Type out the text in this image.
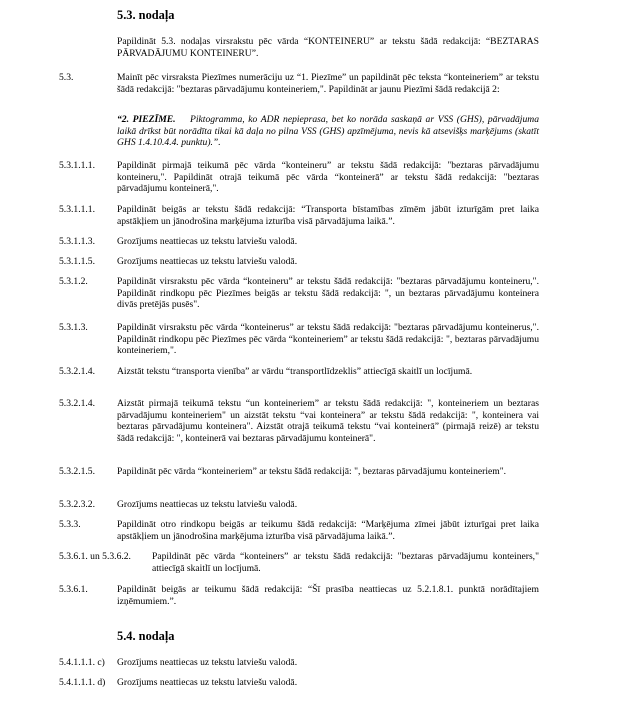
5.3. nodaļa

Papildināt 5.3. nodaļas virsrakstu pēc vārda “KONTEINERU” ar tekstu šādā redakcijā: “BEZTARAS PĀRVADĀJUMU KONTEINERU”.

5.3.	Mainīt pēc virsraksta Piezīmes numerāciju uz “1. Piezīme” un papildināt pēc teksta “konteineriem” ar tekstu šādā redakcijā: "beztaras pārvadājumu konteineriem,". Papildināt ar jaunu Piezīmi šādā redakcijā 2:

“2. PIEZĪME. Piktogramma, ko ADR nepieprasa, bet ko norāda saskaņā ar VSS (GHS), pārvadājuma laikā drīkst būt norādīta tikai kā daļa no pilna VSS (GHS) apzīmējuma, nevis kā atsevišķs marķējums (skatīt GHS 1.4.10.4.4. punktu).”.

5.3.1.1.1. Papildināt pirmajā teikumā pēc vārda “konteineru” ar tekstu šādā redakcijā: "beztaras pārvadājumu konteineru,". Papildināt otrajā teikumā pēc vārda “konteinerā” ar tekstu šādā redakcijā: "beztaras pārvadājumu konteinerā,".

5.3.1.1.1. Papildināt beigās ar tekstu šādā redakcijā: “Transporta bīstamības zīmēm jābūt izturīgām pret laika apstākļiem un jānodrošina marķējuma izturība visā pārvadājuma laikā.”.

5.3.1.1.3. Grozījums neattiecas uz tekstu latviešu valodā.

5.3.1.1.5. Grozījums neattiecas uz tekstu latviešu valodā.

5.3.1.2.	Papildināt virsrakstu pēc vārda “konteineru” ar tekstu šādā redakcijā: "beztaras pārvadājumu konteineru,". Papildināt rindkopu pēc Piezīmes beigās ar tekstu šādā redakcijā: ", un beztaras pārvadājumu konteinera divās pretējās pusēs".

5.3.1.3.	Papildināt virsrakstu pēc vārda “konteinerus” ar tekstu šādā redakcijā: "beztaras pārvadājumu konteinerus,". Papildināt rindkopu pēc Piezīmes pēc vārda “konteineriem” ar tekstu šādā redakcijā: ", beztaras pārvadājumu konteineriem,".

5.3.2.1.4. Aizstāt tekstu “transporta vienība” ar vārdu “transportlīdzeklis” attiecīgā skaitlī un locījumā.

5.3.2.1.4. Aizstāt pirmajā teikumā tekstu “un konteineriem” ar tekstu šādā redakcijā: ", konteineriem un beztaras pārvadājumu konteineriem" un aizstāt tekstu “vai konteinera” ar tekstu šādā redakcijā: ", konteinera vai beztaras pārvadājumu konteinera". Aizstāt otrajā teikumā tekstu “vai konteinerā” (pirmajā reizē) ar tekstu šādā redakcijā: ", konteinerā vai beztaras pārvadājumu konteinerā".

5.3.2.1.5. Papildināt pēc vārda “konteineriem” ar tekstu šādā redakcijā: ", beztaras pārvadājumu konteineriem".

5.3.2.3.2. Grozījums neattiecas uz tekstu latviešu valodā.

5.3.3.	Papildināt otro rindkopu beigās ar teikumu šādā redakcijā: “Marķējuma zīmei jābūt izturīgai pret laika apstākļiem un jānodrošina marķējuma izturība visā pārvadājuma laikā.”.

5.3.6.1. un 5.3.6.2. Papildināt pēc vārda “konteiners” ar tekstu šādā redakcijā: "beztaras pārvadājumu konteiners," attiecīgā skaitlī un locījumā.

5.3.6.1.	Papildināt beigās ar teikumu šādā redakcijā: “Šī prasība neattiecas uz 5.2.1.8.1. punktā norādītajiem izņēmumiem.”.

5.4. nodaļa
5.4.1.1.1. c) Grozījums neattiecas uz tekstu latviešu valodā.

5.4.1.1.1. d) Grozījums neattiecas uz tekstu latviešu valodā.
